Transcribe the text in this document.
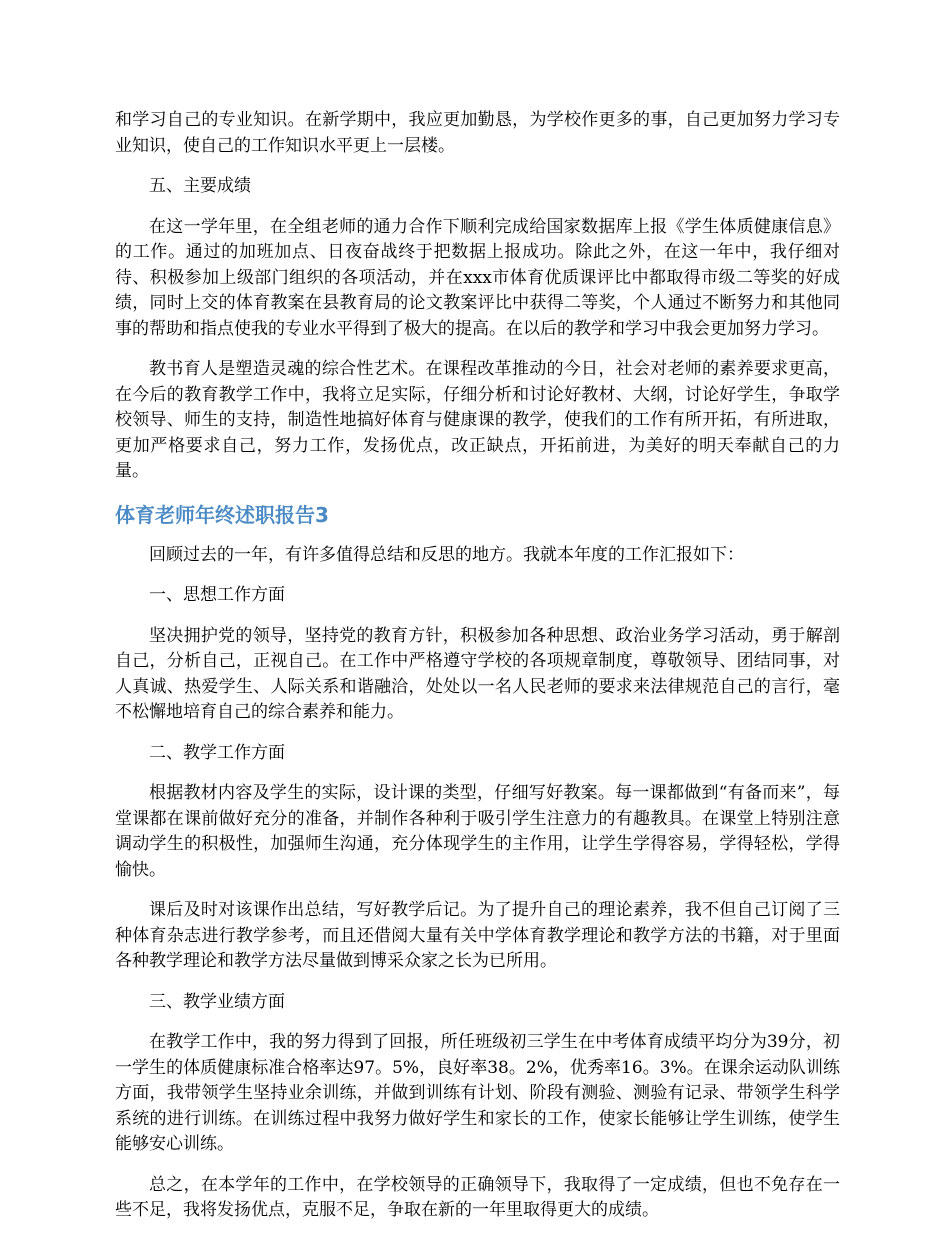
和学习自己的专业知识。在新学期中，我应更加勤恳，为学校作更多的事，自己更加努力学习专业知识，使自己的工作知识水平更上一层楼。

五、主要成绩

在这一学年里，在全组老师的通力合作下顺利完成给国家数据库上报《学生体质健康信息》的工作。通过的加班加点、日夜奋战终于把数据上报成功。除此之外，在这一年中，我仔细对待、积极参加上级部门组织的各项活动，并在xxx市体育优质课评比中都取得市级二等奖的好成绩，同时上交的体育教案在县教育局的论文教案评比中获得二等奖，个人通过不断努力和其他同事的帮助和指点使我的专业水平得到了极大的提高。在以后的教学和学习中我会更加努力学习。

教书育人是塑造灵魂的综合性艺术。在课程改革推动的今日，社会对老师的素养要求更高，在今后的教育教学工作中，我将立足实际，仔细分析和讨论好教材、大纲，讨论好学生，争取学校领导、师生的支持，制造性地搞好体育与健康课的教学，使我们的工作有所开拓，有所进取，更加严格要求自己，努力工作，发扬优点，改正缺点，开拓前进，为美好的明天奉献自己的力量。

体育老师年终述职报告3

回顾过去的一年，有许多值得总结和反思的地方。我就本年度的工作汇报如下：

一、思想工作方面

坚决拥护党的领导，坚持党的教育方针，积极参加各种思想、政治业务学习活动，勇于解剖自己，分析自己，正视自己。在工作中严格遵守学校的各项规章制度，尊敬领导、团结同事，对人真诚、热爱学生、人际关系和谐融洽，处处以一名人民老师的要求来法律规范自己的言行，毫不松懈地培育自己的综合素养和能力。

二、教学工作方面

根据教材内容及学生的实际，设计课的类型，仔细写好教案。每一课都做到“有备而来”，每堂课都在课前做好充分的准备，并制作各种利于吸引学生注意力的有趣教具。在课堂上特别注意调动学生的积极性，加强师生沟通，充分体现学生的主作用，让学生学得容易，学得轻松，学得愉快。

课后及时对该课作出总结，写好教学后记。为了提升自己的理论素养，我不但自己订阅了三种体育杂志进行教学参考，而且还借阅大量有关中学体育教学理论和教学方法的书籍，对于里面各种教学理论和教学方法尽量做到博采众家之长为已所用。

三、教学业绩方面

在教学工作中，我的努力得到了回报，所任班级初三学生在中考体育成绩平均分为39分，初一学生的体质健康标准合格率达97。5%，良好率38。2%，优秀率16。3%。在课余运动队训练方面，我带领学生坚持业余训练，并做到训练有计划、阶段有测验、测验有记录、带领学生科学系统的进行训练。在训练过程中我努力做好学生和家长的工作，使家长能够让学生训练，使学生能够安心训练。

总之，在本学年的工作中，在学校领导的正确领导下，我取得了一定成绩，但也不免存在一些不足，我将发扬优点，克服不足，争取在新的一年里取得更大的成绩。
